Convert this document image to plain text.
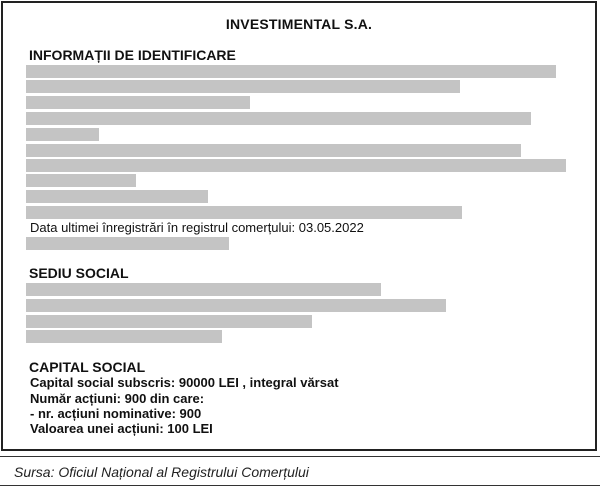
INVESTIMENTAL S.A.
INFORMAȚII DE IDENTIFICARE
Data ultimei înregistrări în registrul comerțului: 03.05.2022
SEDIU SOCIAL
CAPITAL SOCIAL
Capital social subscris: 90000 LEI , integral vărsat
Număr acțiuni: 900 din care:
- nr. acțiuni nominative: 900
Valoarea unei acțiuni: 100 LEI
Sursa: Oficiul Național al Registrului Comerțului
